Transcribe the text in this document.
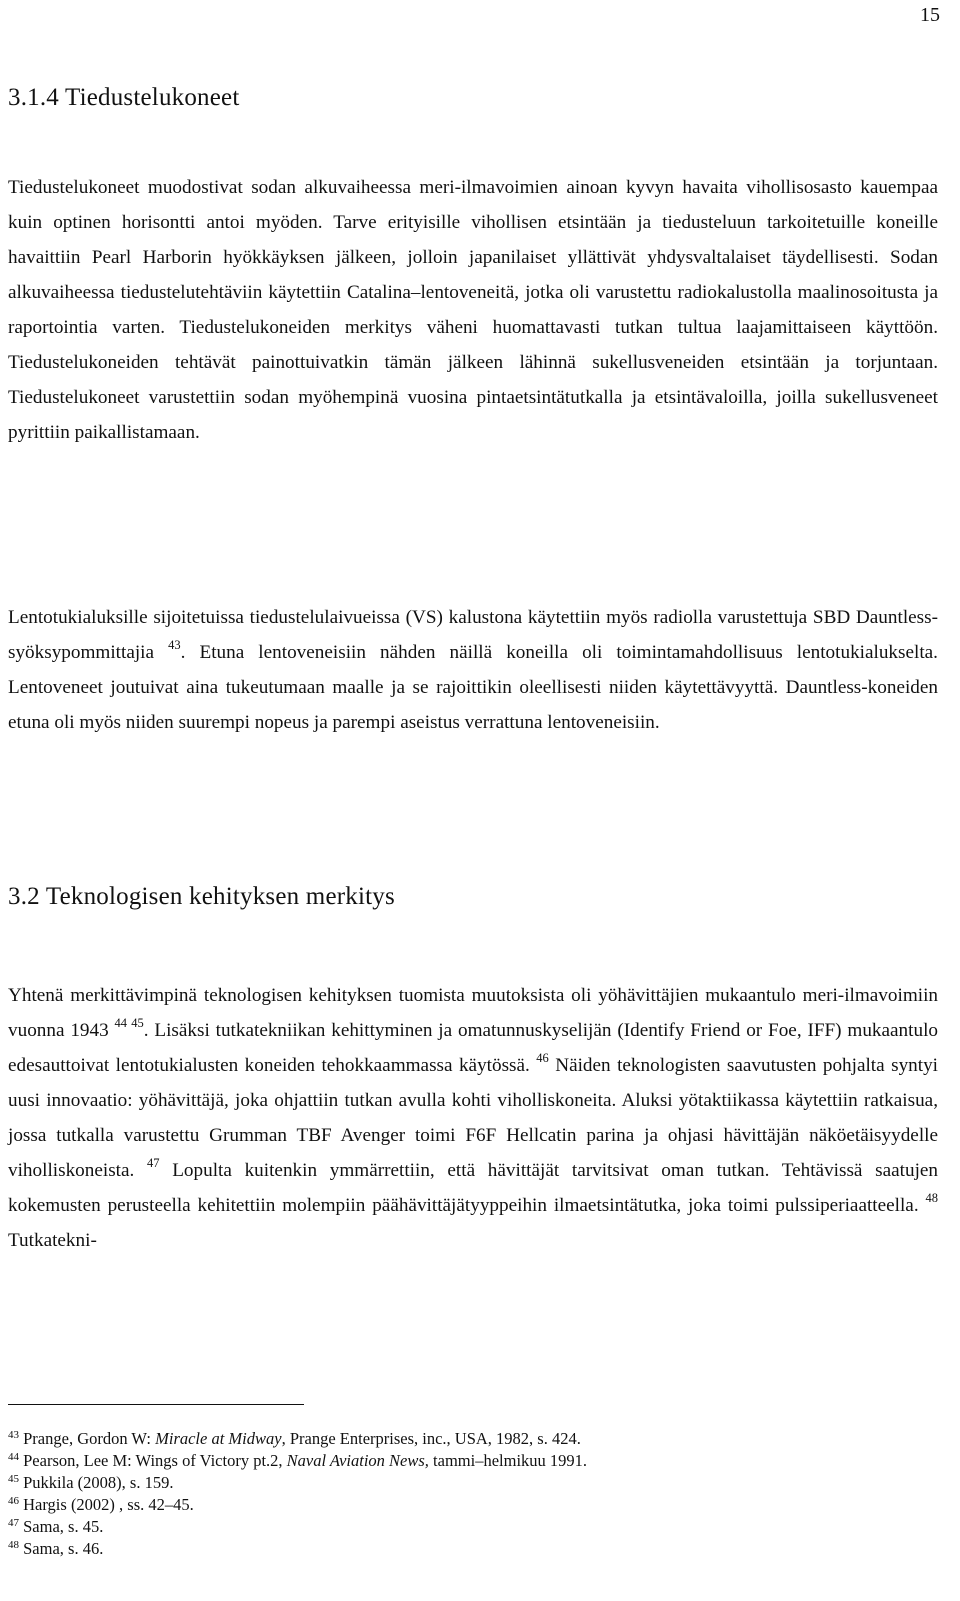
15
3.1.4 Tiedustelukoneet

Tiedustelukoneet muodostivat sodan alkuvaiheessa meri-ilmavoimien ainoan kyvyn havaita vihollisosasto kauempaa kuin optinen horisontti antoi myöden. Tarve erityisille vihollisen etsintään ja tiedusteluun tarkoitetuille koneille havaittiin Pearl Harborin hyökkäyksen jälkeen, jolloin japanilaiset yllättivät yhdysvaltalaiset täydellisesti. Sodan alkuvaiheessa tiedustelutehtäviin käytettiin Catalina–lentoveneitä, jotka oli varustettu radiokalustolla maalinosoitusta ja raportointia varten. Tiedustelukoneiden merkitys väheni huomattavasti tutkan tultua laajamittaiseen käyttöön. Tiedustelukoneiden tehtävät painottuivatkin tämän jälkeen lähinnä sukellusveneiden etsintään ja torjuntaan. Tiedustelukoneet varustettiin sodan myöhempinä vuosina pintaetsintätutkalla ja etsintävaloilla, joilla sukellusveneet pyrittiin paikallistamaan.

Lentotukialuksille sijoitetuissa tiedustelulaivueissa (VS) kalustona käytettiin myös radiolla varustettuja SBD Dauntless-syöksypommittajia $^{43}$. Etuna lentoveneisiin nähden näillä koneilla oli toimintamahdollisuus lentotukialukselta. Lentoveneet joutuivat aina tukeutumaan maalle ja se rajoittikin oleellisesti niiden käytettävyyttä. Dauntless-koneiden etuna oli myös niiden suurempi nopeus ja parempi aseistus verrattuna lentoveneisiin.

3.2 Teknologisen kehityksen merkitys

Yhtenä merkittävimpinä teknologisen kehityksen tuomista muutoksista oli yöhävittäjien mukaantulo meri-ilmavoimiin vuonna 1943 $^{44 45}$. Lisäksi tutkatekniikan kehittyminen ja omatunnuskyselijän (Identify Friend or Foe, IFF) mukaantulo edesauttoivat lentotukialusten koneiden tehokkaammassa käytössä. $^{46}$ Näiden teknologisten saavutusten pohjalta syntyi uusi innovaatio: yöhävittäjä, joka ohjattiin tutkan avulla kohti viholliskoneita. Aluksi yötaktiikassa käytettiin ratkaisua, jossa tutkalla varustettu Grumman TBF Avenger toimi F6F Hellcatin parina ja ohjasi hävittäjän näköetäisyydelle viholliskoneista. $^{47}$ Lopulta kuitenkin ymmärrettiin, että hävittäjät tarvitsivat oman tutkan. Tehtävissä saatujen kokemusten perusteella kehitettiin molempiin päähävittäjätyyppeihin ilmaetsintätutka, joka toimi pulssiperiaatteella. $^{48}$ Tutkatekni-

$^{43}$ Prange, Gordon W: Miracle at Midway, Prange Enterprises, inc., USA, 1982, s. 424.
$^{44}$ Pearson, Lee M: Wings of Victory pt.2, Naval Aviation News, tammi–helmikuu 1991.
$^{45}$ Pukkila (2008), s. 159.
$^{46}$ Hargis (2002) , ss. 42–45.
$^{47}$ Sama, s. 45.
$^{48}$ Sama, s. 46.
